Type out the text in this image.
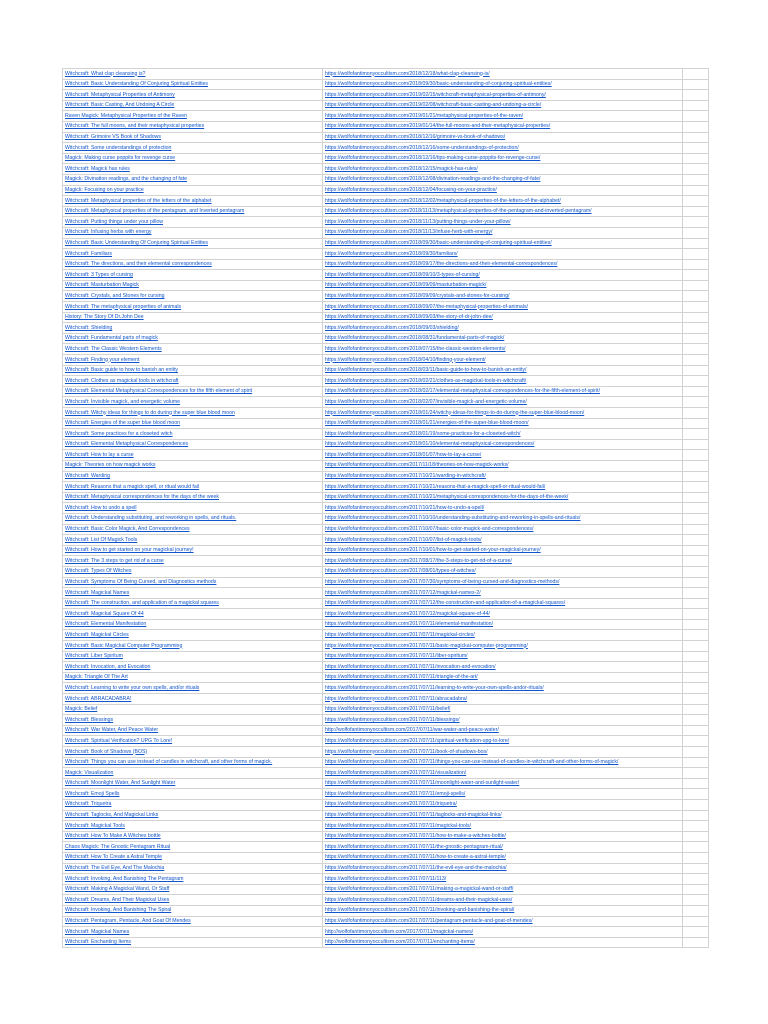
Witchcraft: What clap cleansing is?	https://wolfofantimonyoccultism.com/2018/12/18/what-clap-cleansing-is/	
Witchcraft: Basic Understanding Of Conjuring Spiritual Entities	https://wolfofantimonyoccultism.com/2018/09/30/basic-understanding-of-conjuring-spiritual-entities/	
Witchcraft: Metaphysical Properties of Antimony	https://wolfofantimonyoccultism.com/2019/02/15/witchcraft-metaphysical-properties-of-antimony/	
Witchcraft: Basic Casting, And Undoing A Circle	https://wolfofantimonyoccultism.com/2019/02/08/witchcraft-basic-casting-and-undoing-a-circle/	
Raven Magick: Metaphysical Properties of the Raven	https://wolfofantimonyoccultism.com/2019/01/21/metaphysical-properties-of-the-raven/	
Witchcraft: The full moons, and their metaphysical properties	https://wolfofantimonyoccultism.com/2019/01/14/the-full-moons-and-their-metaphysical-properties/	
Witchcraft: Grimoire VS Book of Shadows	https://wolfofantimonyoccultism.com/2018/12/16/grimoire-vs-book-of-shadows/	
Witchcraft: Some understandings of protection	https://wolfofantimonyoccultism.com/2018/12/16/some-understandings-of-protection/	
Magick: Making curse poppits for revenge curse	https://wolfofantimonyoccultism.com/2018/12/16/tips-making-curse-poppits-for-revenge-curse/	
Witchcraft: Magick has rules	https://wolfofantimonyoccultism.com/2018/12/15/magick-has-rules/	
Magick: Divination readings, and the changing of fate	https://wolfofantimonyoccultism.com/2018/12/08/divination-readings-and-the-changing-of-fate/	
Magick: Focusing on your practice	https://wolfofantimonyoccultism.com/2018/12/04/focusing-on-your-practice/	
Witchcraft: Metaphysical properties of the letters of the alphabet	https://wolfofantimonyoccultism.com/2018/12/02/metaphysical-properties-of-the-letters-of-the-alphabet/	
Witchcraft: Metaphysical properties of the pentagram, and Inverted pentagram	https://wolfofantimonyoccultism.com/2018/11/13/metaphysical-properties-of-the-pentagram-and-inverted-pentagram/	
Witchcraft: Putting things under your pillow	https://wolfofantimonyoccultism.com/2018/11/13/putting-things-under-your-pillow/	
Witchcraft: Infusing herbs with energy	https://wolfofantimonyoccultism.com/2018/11/13/infuse-herb-with-energy/	
Witchcraft: Basic Understanding Of Conjuring Spiritual Entities	https://wolfofantimonyoccultism.com/2018/09/30/basic-understanding-of-conjuring-spiritual-entities/	
Witchcraft: Familiars	https://wolfofantimonyoccultism.com/2018/09/30/familiars/	
Witchcraft: The directions, and their elemental correspondences	https://wolfofantimonyoccultism.com/2018/09/17/the-directions-and-their-elemental-correspondences/	
Witchcraft: 3 Types of cursing	https://wolfofantimonyoccultism.com/2018/09/10/3-types-of-cursing/	
Witchcraft: Masturbation Magick	https://wolfofantimonyoccultism.com/2018/09/09/masturbation-magick/	
Witchcraft: Crystals, and Stones for cursing	https://wolfofantimonyoccultism.com/2018/09/09/crystals-and-stones-for-cursing/	
Witchcraft: The metaphysical properties of animals	https://wolfofantimonyoccultism.com/2018/09/07/the-metaphysical-properties-of-animals/	
History: The Story Of Dr.John Dee	https://wolfofantimonyoccultism.com/2018/09/03/the-story-of-dr-john-dee/	
Witchcraft: Shielding	https://wolfofantimonyoccultism.com/2018/09/03/shielding/	
Witchcraft: Fundamental parts of magick	https://wolfofantimonyoccultism.com/2018/08/31/fundamental-parts-of-magick/	
Witchcraft: The Classic Western Elements	https://wolfofantimonyoccultism.com/2018/07/15/the-classic-western-elements/	
Witchcraft: Finding your element	https://wolfofantimonyoccultism.com/2018/04/10/finding-your-element/	
Witchcraft: Basic guide to how to banish an entity	https://wolfofantimonyoccultism.com/2018/03/11/basic-guide-to-how-to-banish-an-entity/	
Witchcraft: Clothes as magickal tools in witchcraft	https://wolfofantimonyoccultism.com/2018/02/21/clothes-as-magickal-tools-in-witchcraft/	
Witchcraft: Elemental Metaphysical Correspondences for the fifth element of spirit	https://wolfofantimonyoccultism.com/2018/02/17/elemental-metaphysical-correspondences-for-the-fifth-element-of-spirit/	
Witchcraft: Invisible magick, and energetic volume	https://wolfofantimonyoccultism.com/2018/02/07/invisible-magick-and-energetic-volume/	
Witchcraft: Witchy ideas for things to do during the super blue blood moon	https://wolfofantimonyoccultism.com/2018/01/24/witchy-ideas-for-things-to-do-during-the-super-blue-blood-moon/	
Witchcraft: Energies of the super blue blood moon	https://wolfofantimonyoccultism.com/2018/01/21/energies-of-the-super-blue-blood-moon/	
Witchcraft: Some practices for a closeted witch	https://wolfofantimonyoccultism.com/2018/01/19/some-practices-for-a-closeted-witch/	
Witchcraft: Elemental Metaphysical Correspondences	https://wolfofantimonyoccultism.com/2018/01/10/elemental-metaphysical-correspondences/	
Witchcraft: How to lay a curse	https://wolfofantimonyoccultism.com/2018/01/07/how-to-lay-a-curse/	
Magick: Theories on how magick works	https://wolfofantimonyoccultism.com/2017/11/18/theories-on-how-magick-works/	
Witchcraft: Warding	https://wolfofantimonyoccultism.com/2017/10/21/warding-in-witchcraft/	
Witchcraft: Reasons that a magick spell, or ritual would fail	https://wolfofantimonyoccultism.com/2017/10/21/reasons-that-a-magick-spell-or-ritual-would-fail/	
Witchcraft: Metaphysical correspondences for the days of the week	https://wolfofantimonyoccultism.com/2017/10/21/metaphysical-correspondences-for-the-days-of-the-week/	
Witchcraft: How to undo a spell	https://wolfofantimonyoccultism.com/2017/10/21/how-to-undo-a-spell/	
Witchcraft: Understanding substituting, and reworking in spells, and rituals.	https://wolfofantimonyoccultism.com/2017/10/10/understanding-substituting-and-reworking-in-spells-and-rituals/	
Witchcraft: Basic Color Magick, And Correspondences	https://wolfofantimonyoccultism.com/2017/10/07/basic-color-magick-and-correspondences/	
Witchcraft: List Of Magick Tools	https://wolfofantimonyoccultism.com/2017/10/07/list-of-magick-tools/	
Witchcraft: How to get started on your magickal journey!	https://wolfofantimonyoccultism.com/2017/10/01/how-to-get-started-on-your-magickal-journey/	
Witchcraft: The 3 steps to get rid of a curse	https://wolfofantimonyoccultism.com/2017/08/17/the-3-steps-to-get-rid-of-a-curse/	
Witchcraft: Types Of Witches	https://wolfofantimonyoccultism.com/2017/08/01/types-of-witches/	
Witchcraft: Symptoms Of Being Cursed, and Diagnostics methods	https://wolfofantimonyoccultism.com/2017/07/30/symptoms-of-being-cursed-and-diagnostics-methods/	
Witchcraft: Magickal Names	https://wolfofantimonyoccultism.com/2017/07/12/magickal-names-2/	
Witchcraft: The construction, and application of a magickal squares	https://wolfofantimonyoccultism.com/2017/07/12/the-construction-and-application-of-a-magickal-squares/	
Witchcraft: Magickal Square Of 44	https://wolfofantimonyoccultism.com/2017/07/12/magickal-square-of-44/	
Witchcraft: Elemental Manifestation	https://wolfofantimonyoccultism.com/2017/07/11/elemental-manifestation/	
Witchcraft: Magickal Circles	https://wolfofantimonyoccultism.com/2017/07/11/magickal-circles/	
Witchcraft: Basic Magickal Computer Programming	https://wolfofantimonyoccultism.com/2017/07/11/basic-magickal-computer-programming/	
Witchcraft: Liber Spiritum	https://wolfofantimonyoccultism.com/2017/07/11/liber-spiritum/	
Witchcraft: Invocation, and Evocation	https://wolfofantimonyoccultism.com/2017/07/11/invocation-and-evocation/	
Magick: Triangle Of The Art	https://wolfofantimonyoccultism.com/2017/07/11/triangle-of-the-art/	
Witchcraft: Learning to write your own spells, and/or rituals	https://wolfofantimonyoccultism.com/2017/07/11/learning-to-write-your-own-spells-andor-rituals/	
Witchcraft: ABRACADABRA!	https://wolfofantimonyoccultism.com/2017/07/11/abracadabra/	
Magick: Belief	https://wolfofantimonyoccultism.com/2017/07/11/belief/	
Witchcraft: Blessings	https://wolfofantimonyoccultism.com/2017/07/11/blessings/	
Witchcraft: War Water, And Peace Water	http://wolfofantimonyoccultism.com/2017/07/11/war-water-and-peace-water/	
Witchcraft: Spiritual Verification? UPG To Lore!	https://wolfofantimonyoccultism.com/2017/07/11/spiritual-verification-upg-to-lore/	
Witchcraft: Book of Shadows (BOS)	https://wolfofantimonyoccultism.com/2017/07/11/book-of-shadows-bos/	
Witchcraft: Things you can use instead of candles in witchcraft, and other forms of magick.	https://wolfofantimonyoccultism.com/2017/07/11/things-you-can-use-instead-of-candles-in-witchcraft-and-other-forms-of-magick/	
Magick: Visualization	https://wolfofantimonyoccultism.com/2017/07/11/visualization/	
Witchcraft: Moonlight Water, And Sunlight Water	https://wolfofantimonyoccultism.com/2017/07/11/moonlight-water-and-sunlight-water/	
Witchcraft: Emoji Spells	https://wolfofantimonyoccultism.com/2017/07/11/emoji-spells/	
Witchcraft: Triquetra	https://wolfofantimonyoccultism.com/2017/07/11/triquetra/	
Witchcraft: Taglocks, And Magickal Links	https://wolfofantimonyoccultism.com/2017/07/11/taglocks-and-magickal-links/	
Witchcraft: Magickal Tools	https://wolfofantimonyoccultism.com/2017/07/11/magickal-tools/	
Witchcraft: How To Make A Witches bottle	https://wolfofantimonyoccultism.com/2017/07/11/how-to-make-a-witches-bottle/	
Chaos Magick: The Gnostic Pentagram Ritual	https://wolfofantimonyoccultism.com/2017/07/11/the-gnostic-pentagram-ritual/	
Witchcraft: How To Create a Astral Temple	https://wolfofantimonyoccultism.com/2017/07/11/how-to-create-a-astral-temple/	
Witchcraft: The Evil Eye, And The Malochia	https://wolfofantimonyoccultism.com/2017/07/11/the-evil-eye-and-the-malochia/	
Witchcraft: Invoking, And Banishing The Pentagram	https://wolfofantimonyoccultism.com/2017/07/11/113/	
Witchcraft: Making A Magickal Wand, Or Staff	https://wolfofantimonyoccultism.com/2017/07/11/making-a-magickal-wand-or-staff/	
Witchcraft: Dreams, And Their Magickal Uses	https://wolfofantimonyoccultism.com/2017/07/11/dreams-and-their-magickal-uses/	
Witchcraft: Invoking, And Banishing The Spiral	https://wolfofantimonyoccultism.com/2017/07/11/invoking-and-banishing-the-spiral/	
Witchcraft: Pentagram, Pentacle, And Goat Of Mendes	https://wolfofantimonyoccultism.com/2017/07/11/pentagram-pentacle-and-goat-of-mendes/	
Witchcraft: Magickal Names	http://wolfofantimonyoccultism.com/2017/07/11/magickal-names/	
Witchcraft: Enchanting Items	http://wolfofantimonyoccultism.com/2017/07/11/enchanting-items/	
